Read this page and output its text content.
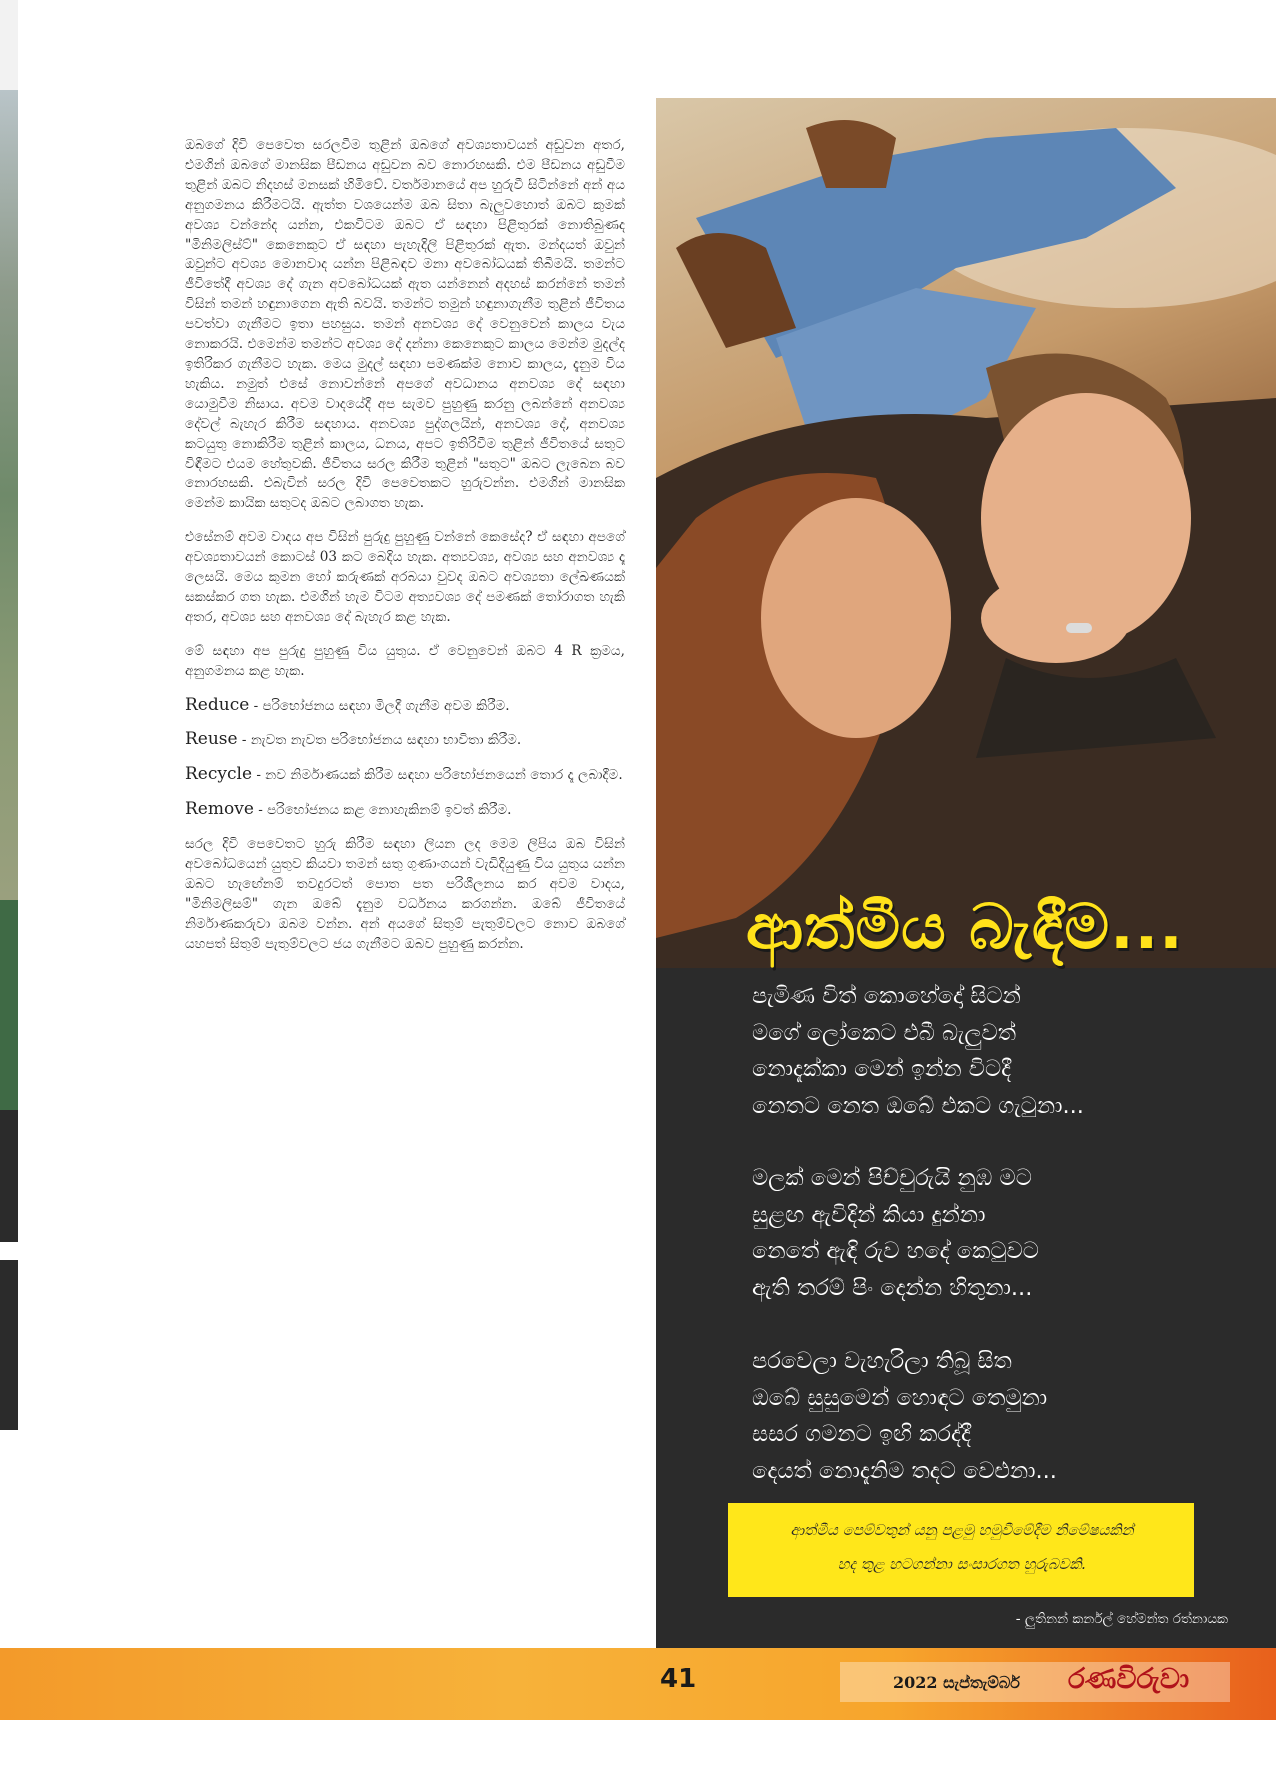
ඔබගේ දිවි පෙවෙත සරලවීම තුළින් ඔබගේ අවශ්‍යතාවයන් අඩුවන අතර, එමගින් ඔබගේ මානසික පීඩනය අඩුවන බව නොරහසකි. එම පීඩනය අඩුවීම තුළින් ඔබට නිදහස් මනසක් හිමිවේ. වර්තමානයේ අප හුරුවී සිටින්නේ අන් අය අනුගමනය කිරීමටයි. ඇත්ත වශයෙන්ම ඔබ සිතා බැලුවහොත් ඔබට කුමක් අවශ්‍ය වන්නේද යන්න, එකවිටම ඔබට ඒ සඳහා පිළිතුරක් නොතිබුණද "මිනිමලිස්ට්" කෙනෙකුට ඒ සඳහා පැහැදිලි පිළිතුරක් ඇත. මන්දයත් ඔවුන් ඔවුන්ට අවශ්‍ය මොනවාද යන්න පිළිබඳව මනා අවබෝධයක් තිබීමයි. තමන්ට ජීවිතේදී අවශ්‍ය දේ ගැන අවබෝධයක් ඇත යන්නෙන් අදහස් කරන්නේ තමන් විසින් තමන් හඳුනාගෙන ඇති බවයි. තමන්ට තමුන් හඳුනාගැනීම තුළින් ජීවිතය පවත්වා ගැනීමට ඉතා පහසුය. තමන් අනවශ්‍ය දේ වෙනුවෙන් කාලය වැය නොකරයි. එමෙන්ම තමන්ට අවශ්‍ය දේ දන්නා කෙනෙකුට කාලය මෙන්ම මුදල්ද ඉතිරිකර ගැනීමට හැක. මෙය මුදල් සඳහා පමණක්ම නොව කාලය, දැනුම විය හැකිය. නමුත් එසේ නොවන්නේ අපගේ අවධානය අනවශ්‍ය දේ සඳහා යොමුවීම නිසාය. අවම වාදයේදී අප සැමව පුහුණු කරනු ලබන්නේ අනවශ්‍ය දේවල් බැහැර කිරීම සඳහාය. අනවශ්‍ය පුද්ගලයින්, අනවශ්‍ය දේ, අනවශ්‍ය කටයුතු නොකිරීම තුළින් කාලය, ධනය, අපට ඉතිරිවීම තුළින් ජීවිතයේ සතුට විඳීමට එයම හේතුවකි. ජීවිතය සරල කිරීම තුළින් "සතුට" ඔබට ලැබෙන බව නොරහසකි. එබැවින් සරල දිවි පෙවෙතකට හුරුවන්න. එමගින් මානසික මෙන්ම කායික සතුටද ඔබට ලබාගත හැක.

එසේනම් අවම වාදය අප විසින් පුරුදු පුහුණු වන්නේ කෙසේද? ඒ සඳහා අපගේ අවශ්‍යතාවයන් කොටස් 03 කට බෙදිය හැක. අත්‍යවශ්‍ය, අවශ්‍ය සහ අනවශ්‍ය දෑ ලෙසයි. මෙය කුමන හෝ කරුණක් අරබයා වුවද ඔබට අවශ්‍යතා ලේඛණයක් සකස්කර ගත හැක. එමගින් හැම විටම අත්‍යවශ්‍ය දේ පමණක් තෝරාගත හැකි අතර, අවශ්‍ය සහ අනවශ්‍ය දේ බැහැර කළ හැක.

මේ සඳහා අප පුරුදු පුහුණු විය යුතුය. ඒ වෙනුවෙන් ඔබට 4 R ක්‍රමය, අනුගමනය කළ හැක.

Reduce - පරිභෝජනය සඳහා මිලදී ගැනීම අවම කිරීම.

Reuse - නැවත නැවත පරිභෝජනය සඳහා භාවිතා කිරීම.

Recycle - නව නිර්මාණයක් කිරීම සඳහා පරිභෝජනයෙන් තොර දෑ ලබාදීම.

Remove - පරිභෝජනය කළ නොහැකිනම් ඉවත් කිරීම.

සරල දිවි පෙවෙතට හුරු කිරීම සඳහා ලියන ලද මෙම ලිපිය ඔබ විසින් අවබෝධයෙන් යුතුව කියවා තමන් සතු ගුණාංගයන් වැඩිදියුණු විය යුතුය යන්න ඔබට හැඟේනම් තවදුරටත් පොත පත පරිශීලනය කර අවම වාදය, "මිනිමලිසම්" ගැන ඔබේ දැනුම වර්ධනය කරගන්න. ඔබේ ජීවිතයේ නිර්මාණකරුවා ඔබම වන්න. අන් අයගේ සිතුම් පැතුම්වලට නොව ඔබගේ යහපත් සිතුම් පැතුම්වලට ජය ගැනීමට ඔබව පුහුණු කරන්න.	ආත්මීය බැඳීම...
පැමිණ විත් කොහේදෝ සිටන්
මගේ ලෝකෙට එබී බැලුවත්
නොදැක්කා මෙන් ඉන්න විටදී
නෙතට නෙත ඔබේ එකට ගැටුනා...
මලක් මෙන් පිච්චුරුයි නුඹ මට
සුළඟ ඇවිදින් කියා දුන්නා
නෙතේ ඇඳි රුව හදේ කෙටුවට
ඇති තරම් පිං දෙන්න හිතුනා...
පරවෙලා වැහැරිලා තිබූ සිත
ඔබේ සුසුමෙන් හොඳට තෙමුනා
සසර ගමනට ඉඟි කරද්දී
දෙයත් නොදැනිම තදට වෙළුනා...
ආත්මීය පෙම්වතුන් යනු පළමු හමුවීමේදීම නිමේෂයකින්
හද තුළ හටගන්නා සංසාරගත හුරුබවකි.
- ලුතිනන් කර්නල් හේමන්ත රත්නායක
41	2022 සැප්තැම්බර් රණවිරුවා
